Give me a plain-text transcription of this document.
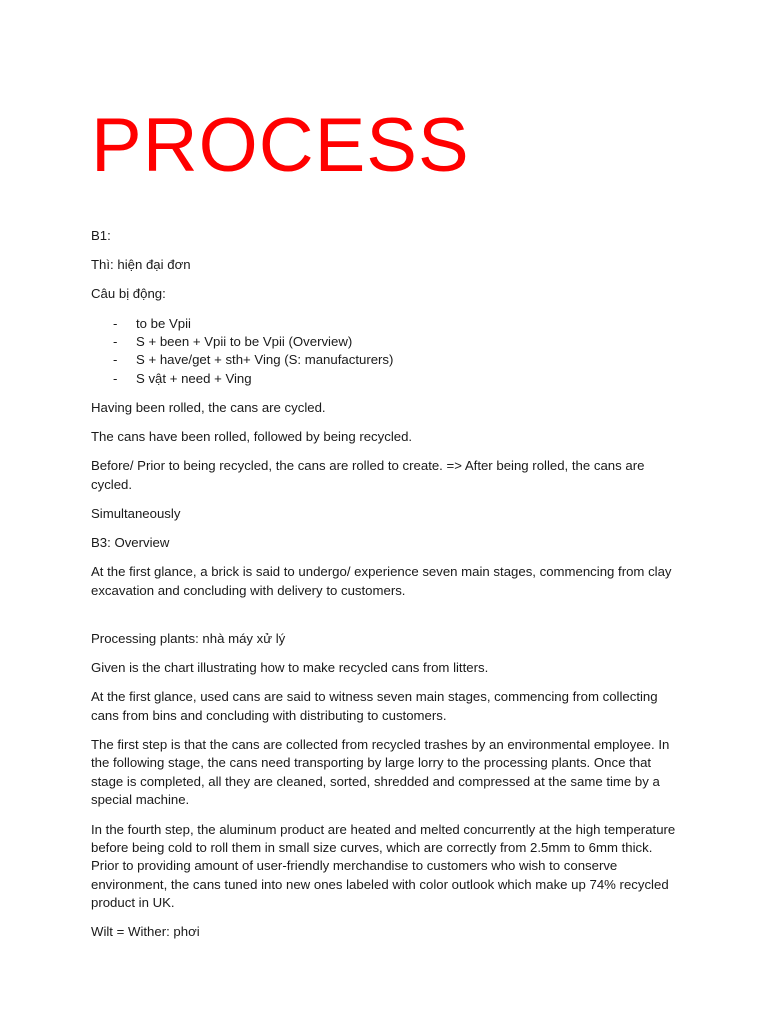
PROCESS

B1:

Thì: hiện đại đơn

Câu bị động:

- to be Vpii
- S + been + Vpii to be Vpii (Overview)
- S + have/get + sth+ Ving (S: manufacturers)
- S vật + need + Ving

Having been rolled, the cans are cycled.

The cans have been rolled, followed by being recycled.

Before/ Prior to being recycled, the cans are rolled to create. => After being rolled, the cans are cycled.

Simultaneously

B3: Overview

At the first glance, a brick is said to undergo/ experience seven main stages, commencing from clay excavation and concluding with delivery to customers.

Processing plants: nhà máy xử lý

Given is the chart illustrating how to make recycled cans from litters.

At the first glance, used cans are said to witness seven main stages, commencing from collecting cans from bins and concluding with distributing to customers.

The first step is that the cans are collected from recycled trashes by an environmental employee. In the following stage, the cans need transporting by large lorry to the processing plants. Once that stage is completed, all they are cleaned, sorted, shredded and compressed at the same time by a special machine.

In the fourth step, the aluminum product are heated and melted concurrently at the high temperature before being cold to roll them in small size curves, which are correctly from 2.5mm to 6mm thick. Prior to providing amount of user-friendly merchandise to customers who wish to conserve environment, the cans tuned into new ones labeled with color outlook which make up 74% recycled product in UK.

Wilt = Wither: phơi
